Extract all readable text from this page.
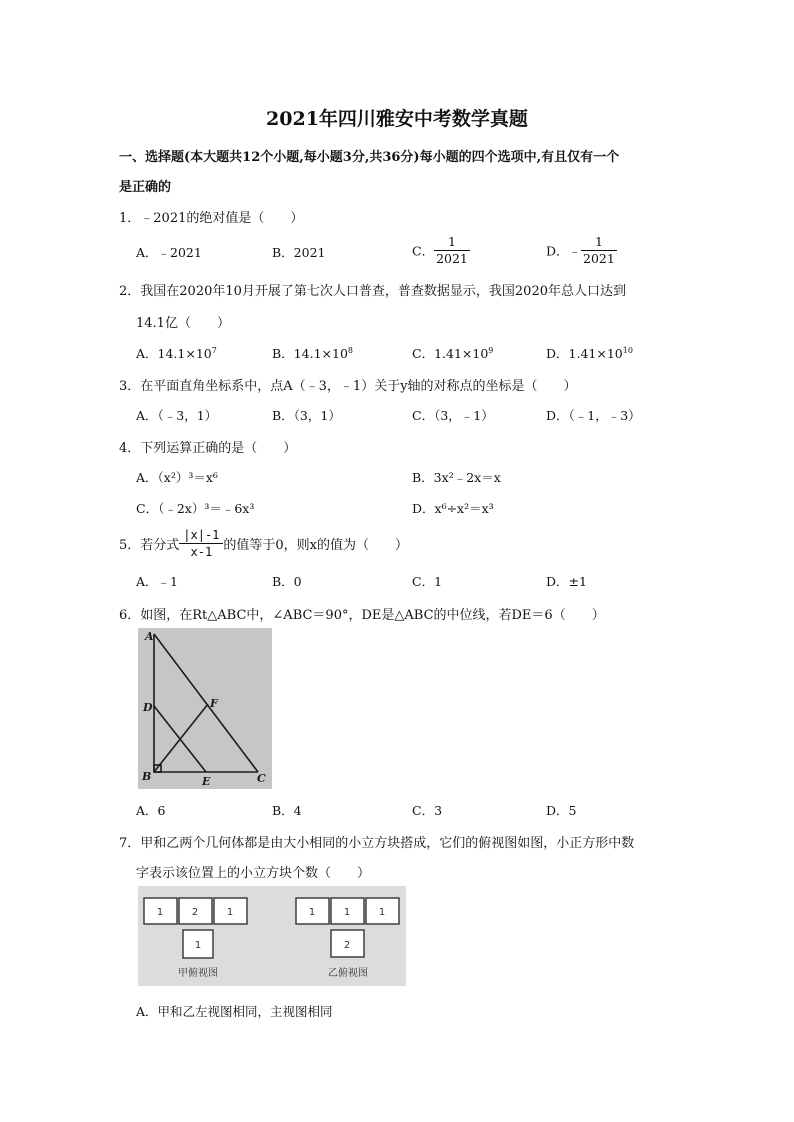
2021年四川雅安中考数学真题
一、选择题(本大题共12个小题,每小题3分,共36分)每小题的四个选项中,有且仅有一个
是正确的
1．﹣2021的绝对值是（　　）
A．﹣2021	B．2021	C． $\frac{1}{2021}$	D．﹣ $\frac{1}{2021}$
2．我国在2020年10月开展了第七次人口普查，普查数据显示，我国2020年总人口达到
14.1亿（　　）
A．$14.1\times 10^7$	B．$14.1\times 10^8$	C．$1.41\times 10^9$	D．$1.41\times 10^{10}$
3．在平面直角坐标系中，点A（﹣3，﹣1）关于y轴的对称点的坐标是（　　）
A．（﹣3，1）	B．（3，1）	C．（3，﹣1）	D．（﹣1，﹣3）
4．下列运算正确的是（　　）
A．（x²）³＝x⁶	B．3x²﹣2x＝x
C．（﹣2x）³＝﹣6x³	D．x⁶÷x²＝x³
5．若分式 $\frac{|x|-1}{x-1}$ 的值等于0，则x的值为（　　）
A．﹣1	B．0	C．1	D．±1
6．如图，在Rt△ABC中，∠ABC＝90°，DE是△ABC的中位线，若DE＝6（　　）
A
D	F
B	E	C
A．6	B．4	C．3	D．5
7．甲和乙两个几何体都是由大小相同的小立方块搭成，它们的俯视图如图，小正方形中数
字表示该位置上的小立方块个数（　　）
1	2	1
1
1	1	1
2
甲俯视图	乙俯视图
A．甲和乙左视图相同，主视图相同
